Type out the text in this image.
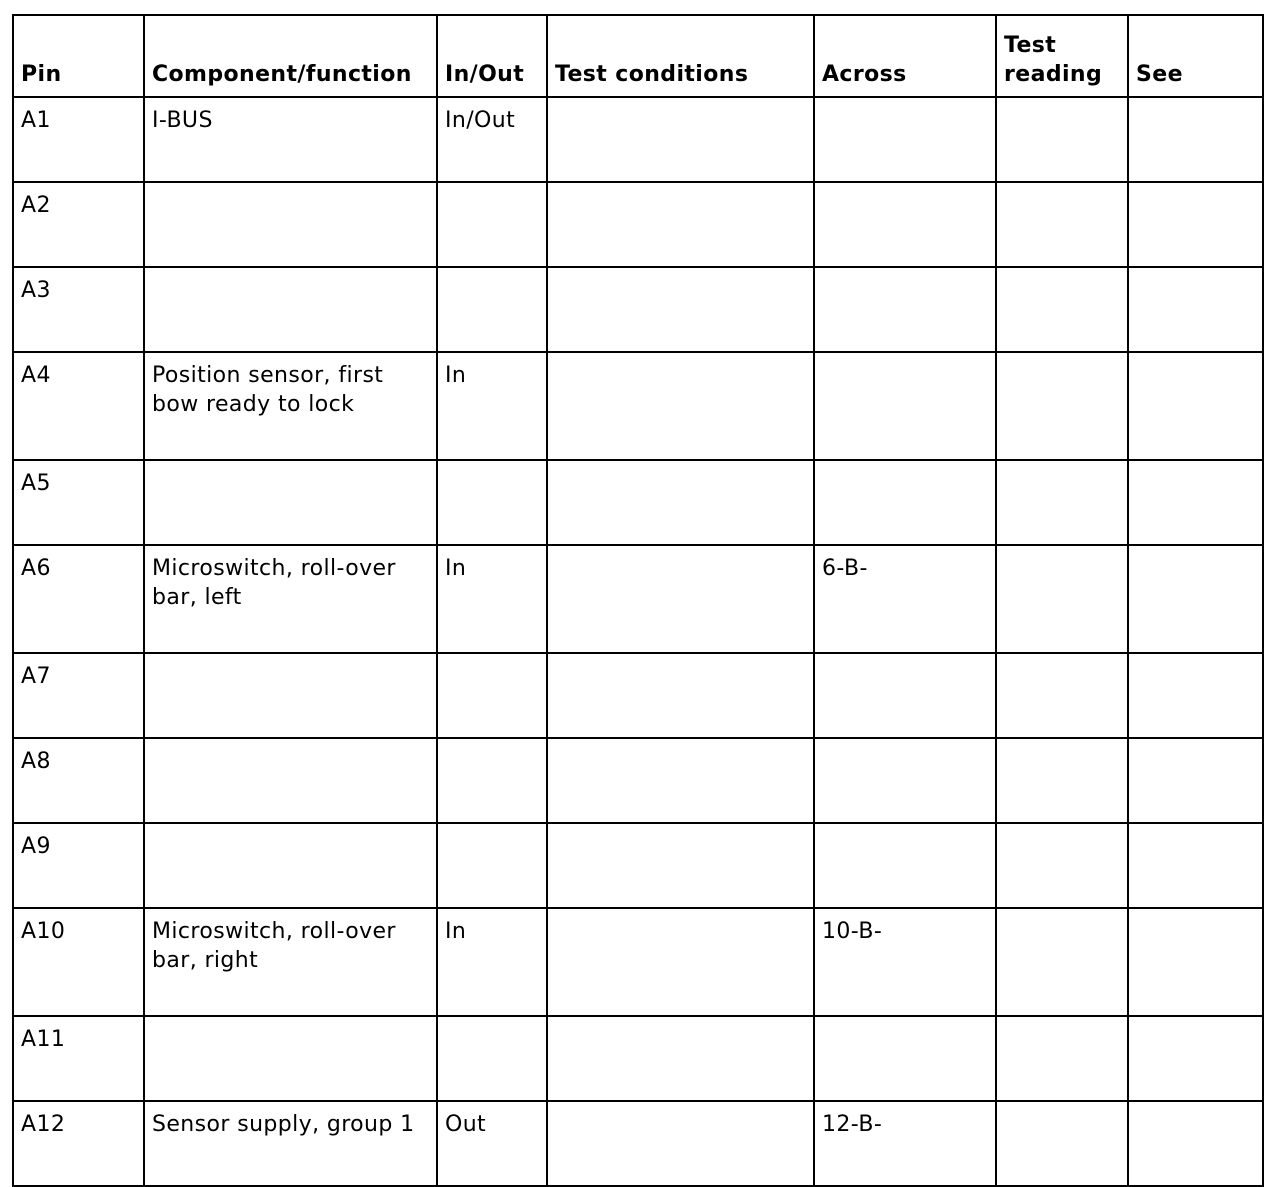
Pin	Component/function	In/Out	Test conditions	Across	Test reading	See
A1	I-BUS	In/Out				
A2						
A3						
A4	Position sensor, first bow ready to lock	In				
A5						
A6	Microswitch, roll-over bar, left	In		6-B-		
A7						
A8						
A9						
A10	Microswitch, roll-over bar, right	In		10-B-		
A11						
A12	Sensor supply, group 1	Out		12-B-		
